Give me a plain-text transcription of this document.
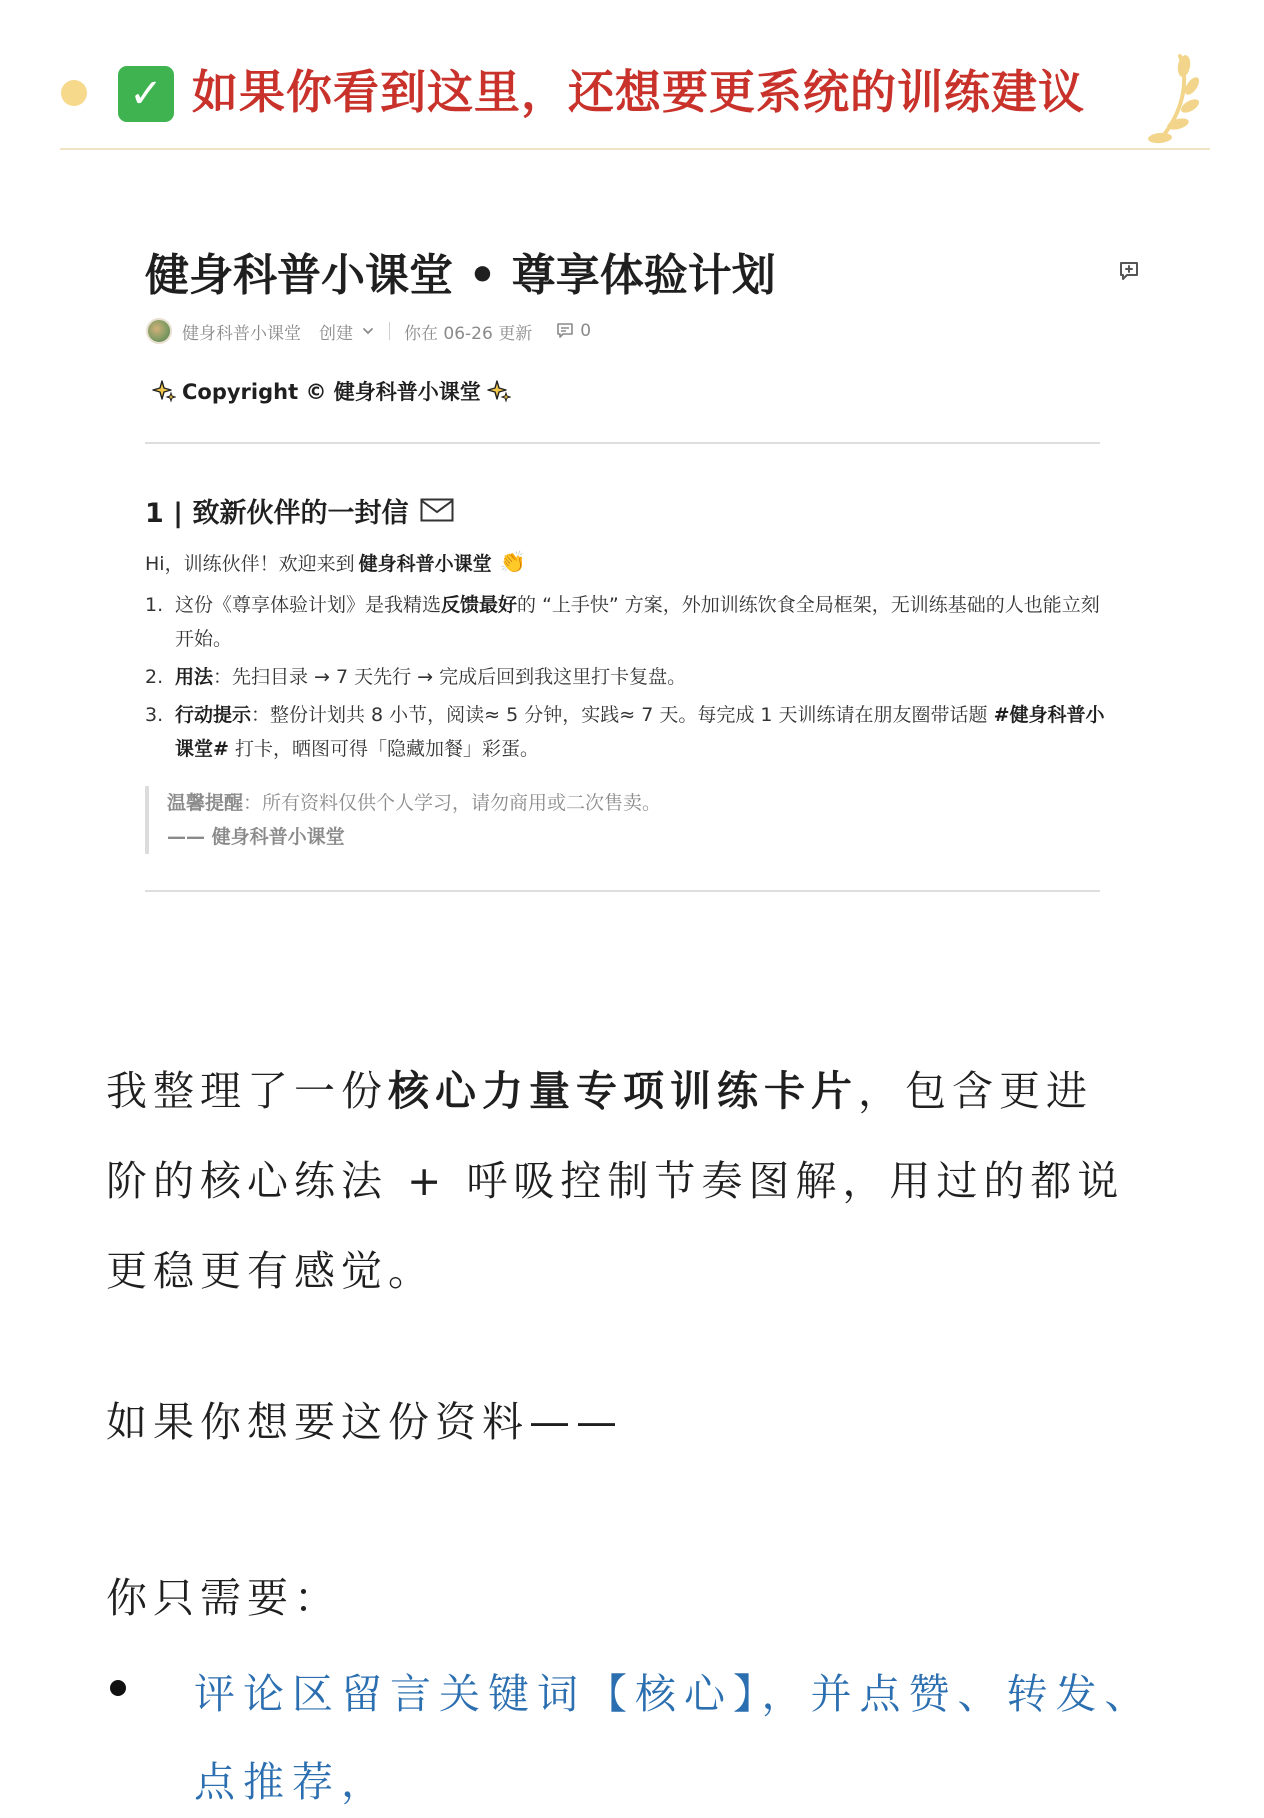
✓ 如果你看到这里，还想要更系统的训练建议
健身科普小课堂 • 尊享体验计划
健身科普小课堂 创建	你在 06-26 更新	0
Copyright © 健身科普小课堂
1 | 致新伙伴的一封信
Hi，训练伙伴！欢迎来到 健身科普小课堂 👏
1. 这份《尊享体验计划》是我精选反馈最好的 “上手快” 方案，外加训练饮食全局框架，无训练基础的人也能立刻开始。
2. 用法：先扫目录 → 7 天先行 → 完成后回到我这里打卡复盘。
3. 行动提示：整份计划共 8 小节，阅读≈ 5 分钟，实践≈ 7 天。每完成 1 天训练请在朋友圈带话题 #健身科普小课堂# 打卡，晒图可得「隐藏加餐」彩蛋。
温馨提醒：所有资料仅供个人学习，请勿商用或二次售卖。
—— 健身科普小课堂
我整理了一份核心力量专项训练卡片，包含更进
阶的核心练法 + 呼吸控制节奏图解，用过的都说
更稳更有感觉。
如果你想要这份资料——
你只需要：
评论区留言关键词【核心】，并点赞、转发、点推荐，
